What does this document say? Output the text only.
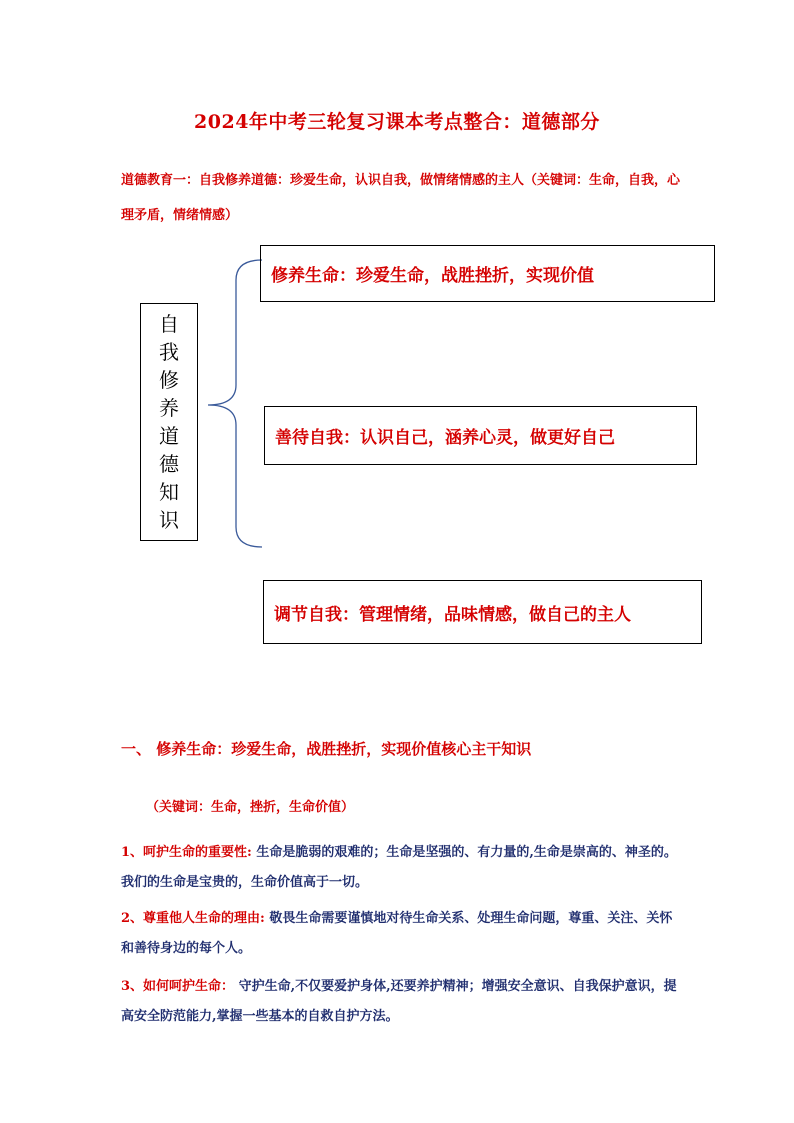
2024年中考三轮复习课本考点整合：道德部分
道德教育一：自我修养道德：珍爱生命，认识自我，做情绪情感的主人（关键词：生命，自我，心理矛盾，情绪情感）
自
我
修
养
道
德
知
识
修养生命：珍爱生命，战胜挫折，实现价值
善待自我：认识自己，涵养心灵，做更好自己
调节自我：管理情绪，品味情感，做自己的主人
一、 修养生命：珍爱生命，战胜挫折，实现价值核心主干知识
（关键词：生命，挫折，生命价值）
1、呵护生命的重要性: 生命是脆弱的艰难的；生命是坚强的、有力量的,生命是崇高的、神圣的。我们的生命是宝贵的，生命价值高于一切。
2、尊重他人生命的理由: 敬畏生命需要谨慎地对待生命关系、处理生命问题，尊重、关注、关怀和善待身边的每个人。
3、如何呵护生命： 守护生命,不仅要爱护身体,还要养护精神；增强安全意识、自我保护意识，提高安全防范能力,掌握一些基本的自救自护方法。
